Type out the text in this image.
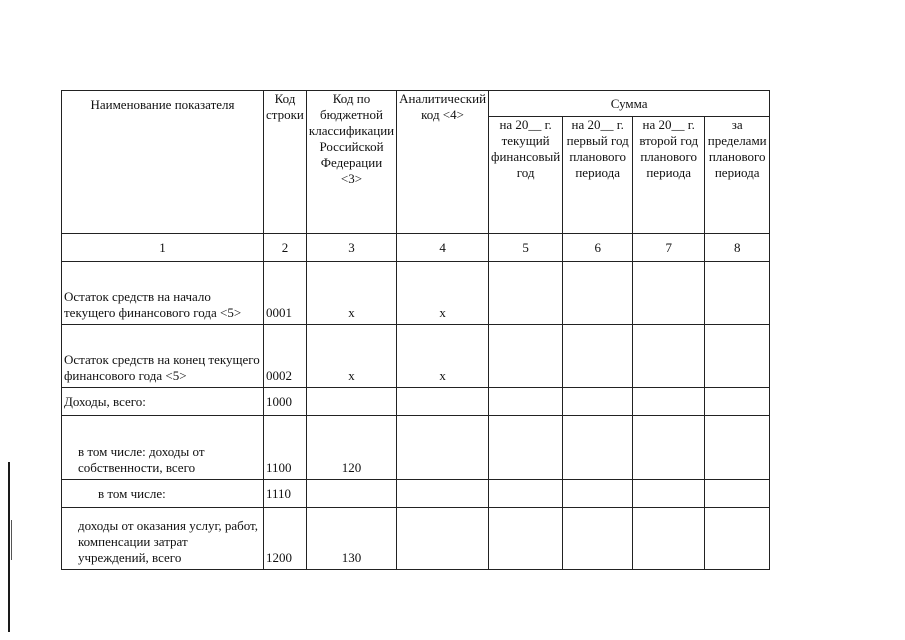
Наименование показателя	Код строки	Код по бюджетной классификации Российской Федерации <3>	Аналитический код <4>	Сумма			
				на 20__ г. текущий финансовый год	на 20__ г. первый год планового периода	на 20__ г. второй год планового периода	за пределами планового периода
1	2	3	4	5	6	7	8
Остаток средств на начало текущего финансового года <5>	0001	x	x				
Остаток средств на конец текущего финансового года <5>	0002	x	x				
Доходы, всего:	1000						
в том числе: доходы от собственности, всего	1100	120					
в том числе:	1110						
доходы от оказания услуг, работ, компенсации затрат учреждений, всего	1200	130					
